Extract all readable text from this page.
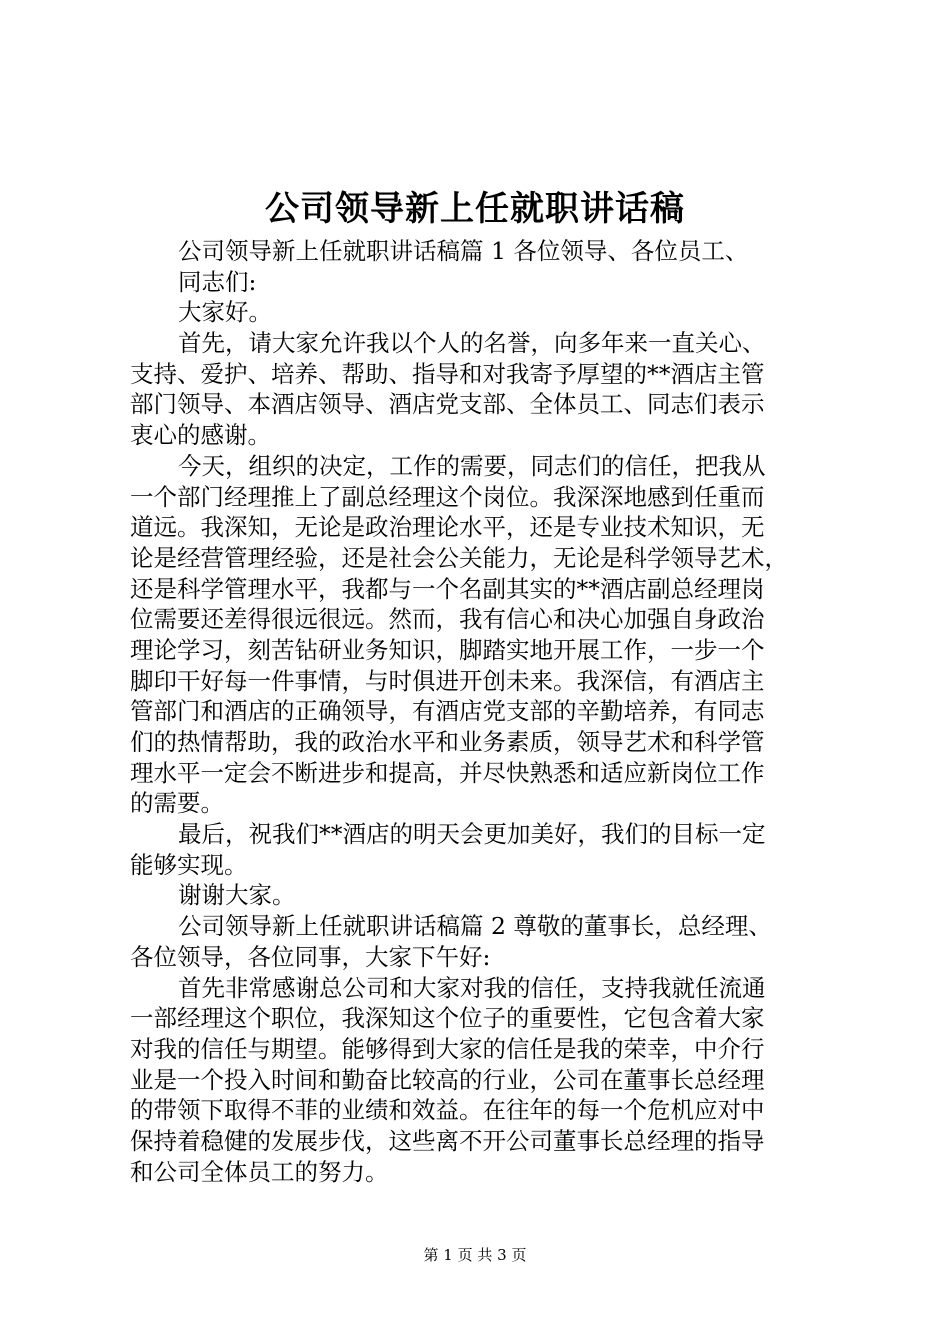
公司领导新上任就职讲话稿
公司领导新上任就职讲话稿篇 1 各位领导、各位员工、
同志们:
大家好。
首先，请大家允许我以个人的名誉，向多年来一直关心、
支持、爱护、培养、帮助、指导和对我寄予厚望的**酒店主管
部门领导、本酒店领导、酒店党支部、全体员工、同志们表示
衷心的感谢。
今天，组织的决定，工作的需要，同志们的信任，把我从
一个部门经理推上了副总经理这个岗位。我深深地感到任重而
道远。我深知，无论是政治理论水平，还是专业技术知识，无
论是经营管理经验，还是社会公关能力，无论是科学领导艺术，
还是科学管理水平，我都与一个名副其实的**酒店副总经理岗
位需要还差得很远很远。然而，我有信心和决心加强自身政治
理论学习，刻苦钻研业务知识，脚踏实地开展工作，一步一个
脚印干好每一件事情，与时俱进开创未来。我深信，有酒店主
管部门和酒店的正确领导，有酒店党支部的辛勤培养，有同志
们的热情帮助，我的政治水平和业务素质，领导艺术和科学管
理水平一定会不断进步和提高，并尽快熟悉和适应新岗位工作
的需要。
最后，祝我们**酒店的明天会更加美好，我们的目标一定
能够实现。
谢谢大家。
公司领导新上任就职讲话稿篇 2 尊敬的董事长，总经理、
各位领导，各位同事，大家下午好:
首先非常感谢总公司和大家对我的信任，支持我就任流通
一部经理这个职位，我深知这个位子的重要性，它包含着大家
对我的信任与期望。能够得到大家的信任是我的荣幸，中介行
业是一个投入时间和勤奋比较高的行业，公司在董事长总经理
的带领下取得不菲的业绩和效益。在往年的每一个危机应对中
保持着稳健的发展步伐，这些离不开公司董事长总经理的指导
和公司全体员工的努力。
第 1 页 共 3 页
